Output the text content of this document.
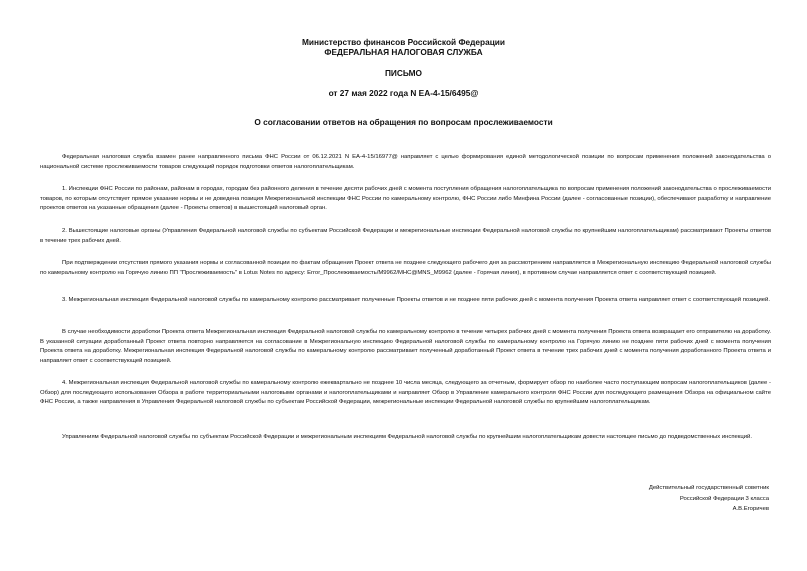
Министерство финансов Российской Федерации
ФЕДЕРАЛЬНАЯ НАЛОГОВАЯ СЛУЖБА
ПИСЬМО
от 27 мая 2022 года N ЕА-4-15/6495@
О согласовании ответов на обращения по вопросам прослеживаемости

Федеральная налоговая служба взамен ранее направленного письма ФНС России от 06.12.2021 N ЕА-4-15/16977@ направляет с целью формирования единой методологической позиции по вопросам применения положений законодательства о национальной системе прослеживаемости товаров следующий порядок подготовки ответов налогоплательщикам.

1. Инспекции ФНС России по районам, районам в городах, городам без районного деления в течение десяти рабочих дней с момента поступления обращения налогоплательщика по вопросам применения положений законодательства о прослеживаемости товаров, по которым отсутствует прямое указание нормы и не доведена позиция Межрегиональной инспекции ФНС России по камеральному контролю, ФНС России либо Минфина России (далее - согласованные позиции), обеспечивают разработку и направление проектов ответов на указанные обращения (далее - Проекты ответов) в вышестоящий налоговый орган.

2. Вышестоящие налоговые органы (Управления Федеральной налоговой службы по субъектам Российской Федерации и межрегиональные инспекции Федеральной налоговой службы по крупнейшим налогоплательщикам) рассматривают Проекты ответов в течение трех рабочих дней.

При подтверждении отсутствия прямого указания нормы и согласованной позиции по фактам обращения Проект ответа не позднее следующего рабочего дня за рассмотрением направляется в Межрегиональную инспекцию Федеральной налоговой службы по камеральному контролю на Горячую линию ПП "Прослеживаемость" в Lotus Notes по адресу: Error_Прослеживаемость/M9962/МНС@MNS_M9962 (далее - Горячая линия), в противном случае направляется ответ с соответствующей позицией.

3. Межрегиональная инспекция Федеральной налоговой службы по камеральному контролю рассматривает полученные Проекты ответов и не позднее пяти рабочих дней с момента получения Проекта ответа направляет ответ с соответствующей позицией.

В случае необходимости доработки Проекта ответа Межрегиональная инспекция Федеральной налоговой службы по камеральному контролю в течение четырех рабочих дней с момента получения Проекта ответа возвращает его отправителю на доработку. В указанной ситуации доработанный Проект ответа повторно направляется на согласование в Межрегиональную инспекцию Федеральной налоговой службы по камеральному контролю на Горячую линию не позднее пяти рабочих дней с момента получения Проекта ответа на доработку. Межрегиональная инспекция Федеральной налоговой службы по камеральному контролю рассматривает полученный доработанный Проект ответа в течение трех рабочих дней с момента получения доработанного Проекта ответа и направляет ответ с соответствующей позицией.

4. Межрегиональная инспекция Федеральной налоговой службы по камеральному контролю ежеквартально не позднее 10 числа месяца, следующего за отчетным, формирует обзор по наиболее часто поступающим вопросам налогоплательщиков (далее - Обзор) для последующего использования Обзора в работе территориальными налоговыми органами и налогоплательщиками и направляет Обзор в Управление камерального контроля ФНС России для последующего размещения Обзора на официальном сайте ФНС России, а также направления в Управления Федеральной налоговой службы по субъектам Российской Федерации, межрегиональные инспекции Федеральной налоговой службы по крупнейшим налогоплательщикам.

Управлениям Федеральной налоговой службы по субъектам Российской Федерации и межрегиональным инспекциям Федеральной налоговой службы по крупнейшим налогоплательщикам довести настоящее письмо до подведомственных инспекций.

Действительный государственный советник
Российской Федерации 3 класса
А.В.Егоричев
